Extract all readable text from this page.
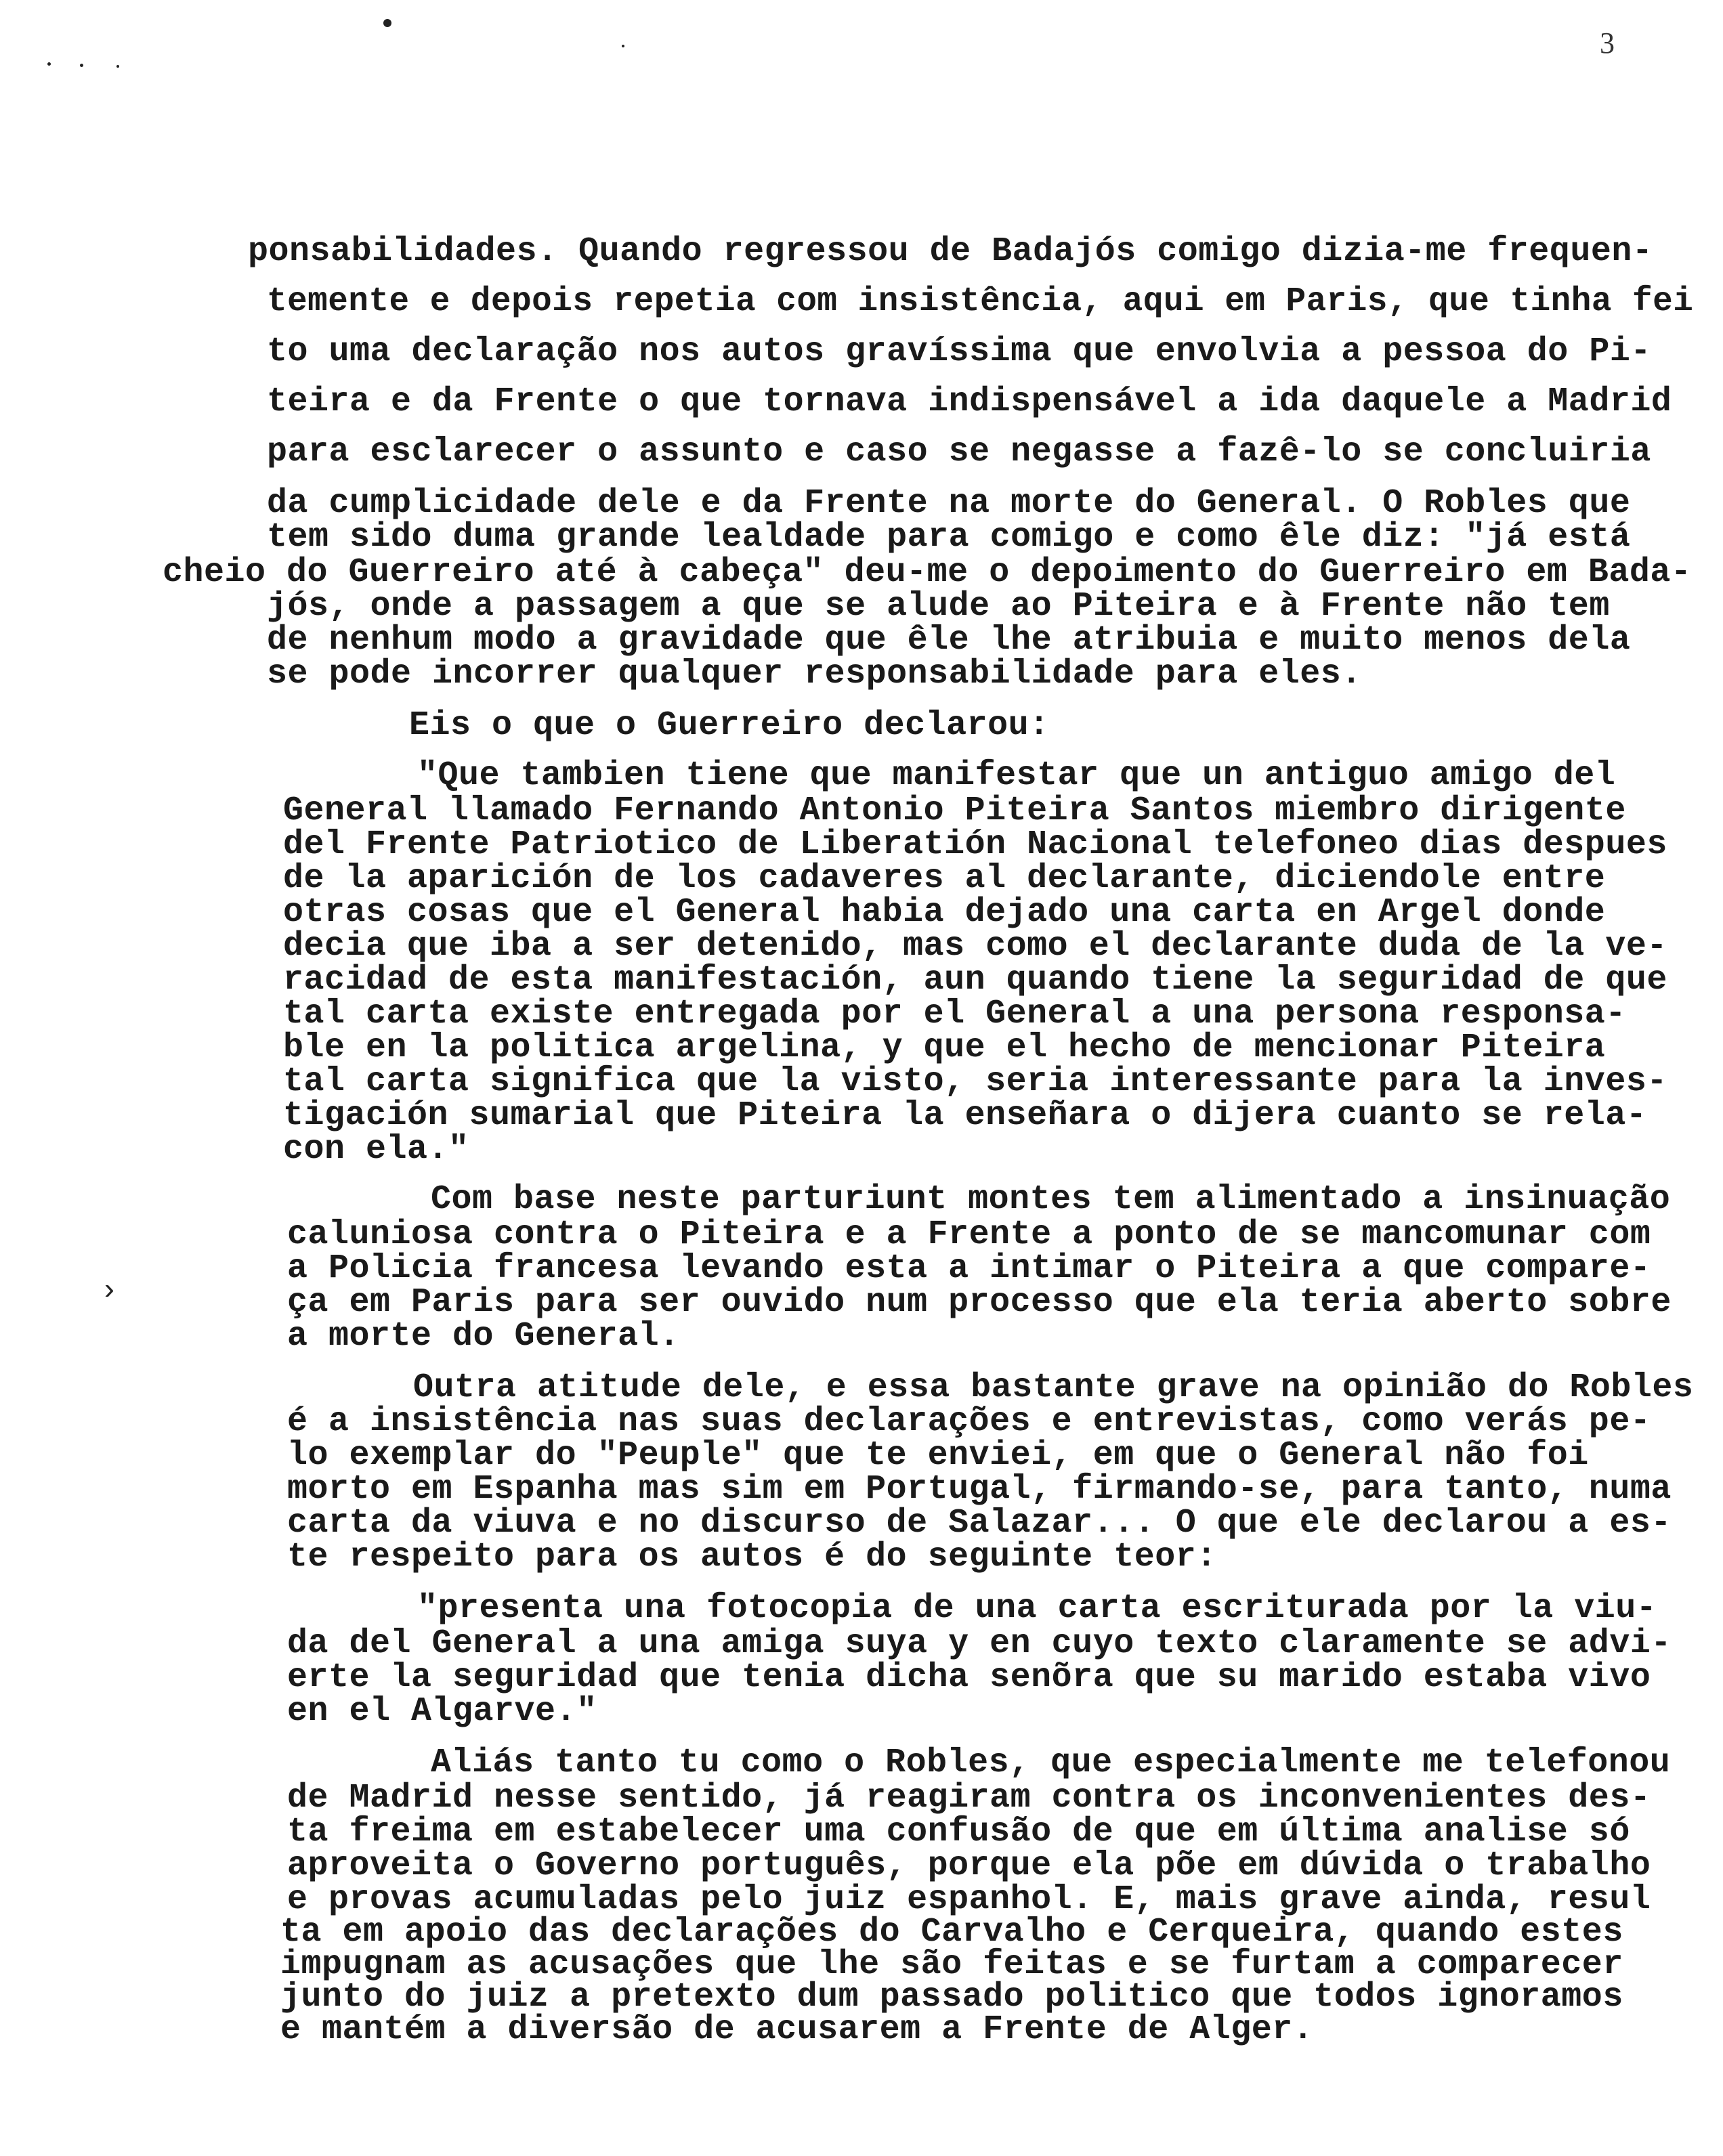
3
›
ponsabilidades. Quando regressou de Badajós comigo dizia-me frequen-
temente e depois repetia com insistência, aqui em Paris, que tinha fei
to uma declaração nos autos gravíssima que envolvia a pessoa do Pi-
teira e da Frente o que tornava indispensável a ida daquele a Madrid
para esclarecer o assunto e caso se negasse a fazê-lo se concluiria
da cumplicidade dele e da Frente na morte do General. O Robles que
tem sido duma grande lealdade para comigo e como êle diz: "já está
cheio do Guerreiro até à cabeça" deu-me o depoimento do Guerreiro em Bada-
jós, onde a passagem a que se alude ao Piteira e à Frente não tem
de nenhum modo a gravidade que êle lhe atribuia e muito menos dela
se pode incorrer qualquer responsabilidade para eles.
Eis o que o Guerreiro declarou:
"Que tambien tiene que manifestar que un antiguo amigo del
General llamado Fernando Antonio Piteira Santos miembro dirigente
del Frente Patriotico de Liberatión Nacional telefoneo dias despues
de la aparición de los cadaveres al declarante, diciendole entre
otras cosas que el General habia dejado una carta en Argel donde
decia que iba a ser detenido, mas como el declarante duda de la ve-
racidad de esta manifestación, aun quando tiene la seguridad de que
tal carta existe entregada por el General a una persona responsa-
ble en la politica argelina, y que el hecho de mencionar Piteira
tal carta significa que la visto, seria interessante para la inves-
tigación sumarial que Piteira la enseñara o dijera cuanto se rela-
con ela."
Com base neste parturiunt montes tem alimentado a insinuação
caluniosa contra o Piteira e a Frente a ponto de se mancomunar com
a Policia francesa levando esta a intimar o Piteira a que compare-
ça em Paris para ser ouvido num processo que ela teria aberto sobre
a morte do General.
Outra atitude dele, e essa bastante grave na opinião do Robles
é a insistência nas suas declarações e entrevistas, como verás pe-
lo exemplar do "Peuple" que te enviei, em que o General não foi
morto em Espanha mas sim em Portugal, firmando-se, para tanto, numa
carta da viuva e no discurso de Salazar... O que ele declarou a es-
te respeito para os autos é do seguinte teor:
"presenta una fotocopia de una carta escriturada por la viu-
da del General a una amiga suya y en cuyo texto claramente se advi-
erte la seguridad que tenia dicha senõra que su marido estaba vivo
en el Algarve."
Aliás tanto tu como o Robles, que especialmente me telefonou
de Madrid nesse sentido, já reagiram contra os inconvenientes des-
ta freima em estabelecer uma confusão de que em última analise só
aproveita o Governo português, porque ela põe em dúvida o trabalho
e provas acumuladas pelo juiz espanhol. E, mais grave ainda, resul
ta em apoio das declarações do Carvalho e Cerqueira, quando estes
impugnam as acusações que lhe são feitas e se furtam a comparecer
junto do juiz a pretexto dum passado politico que todos ignoramos
e mantém a diversão de acusarem a Frente de Alger.
